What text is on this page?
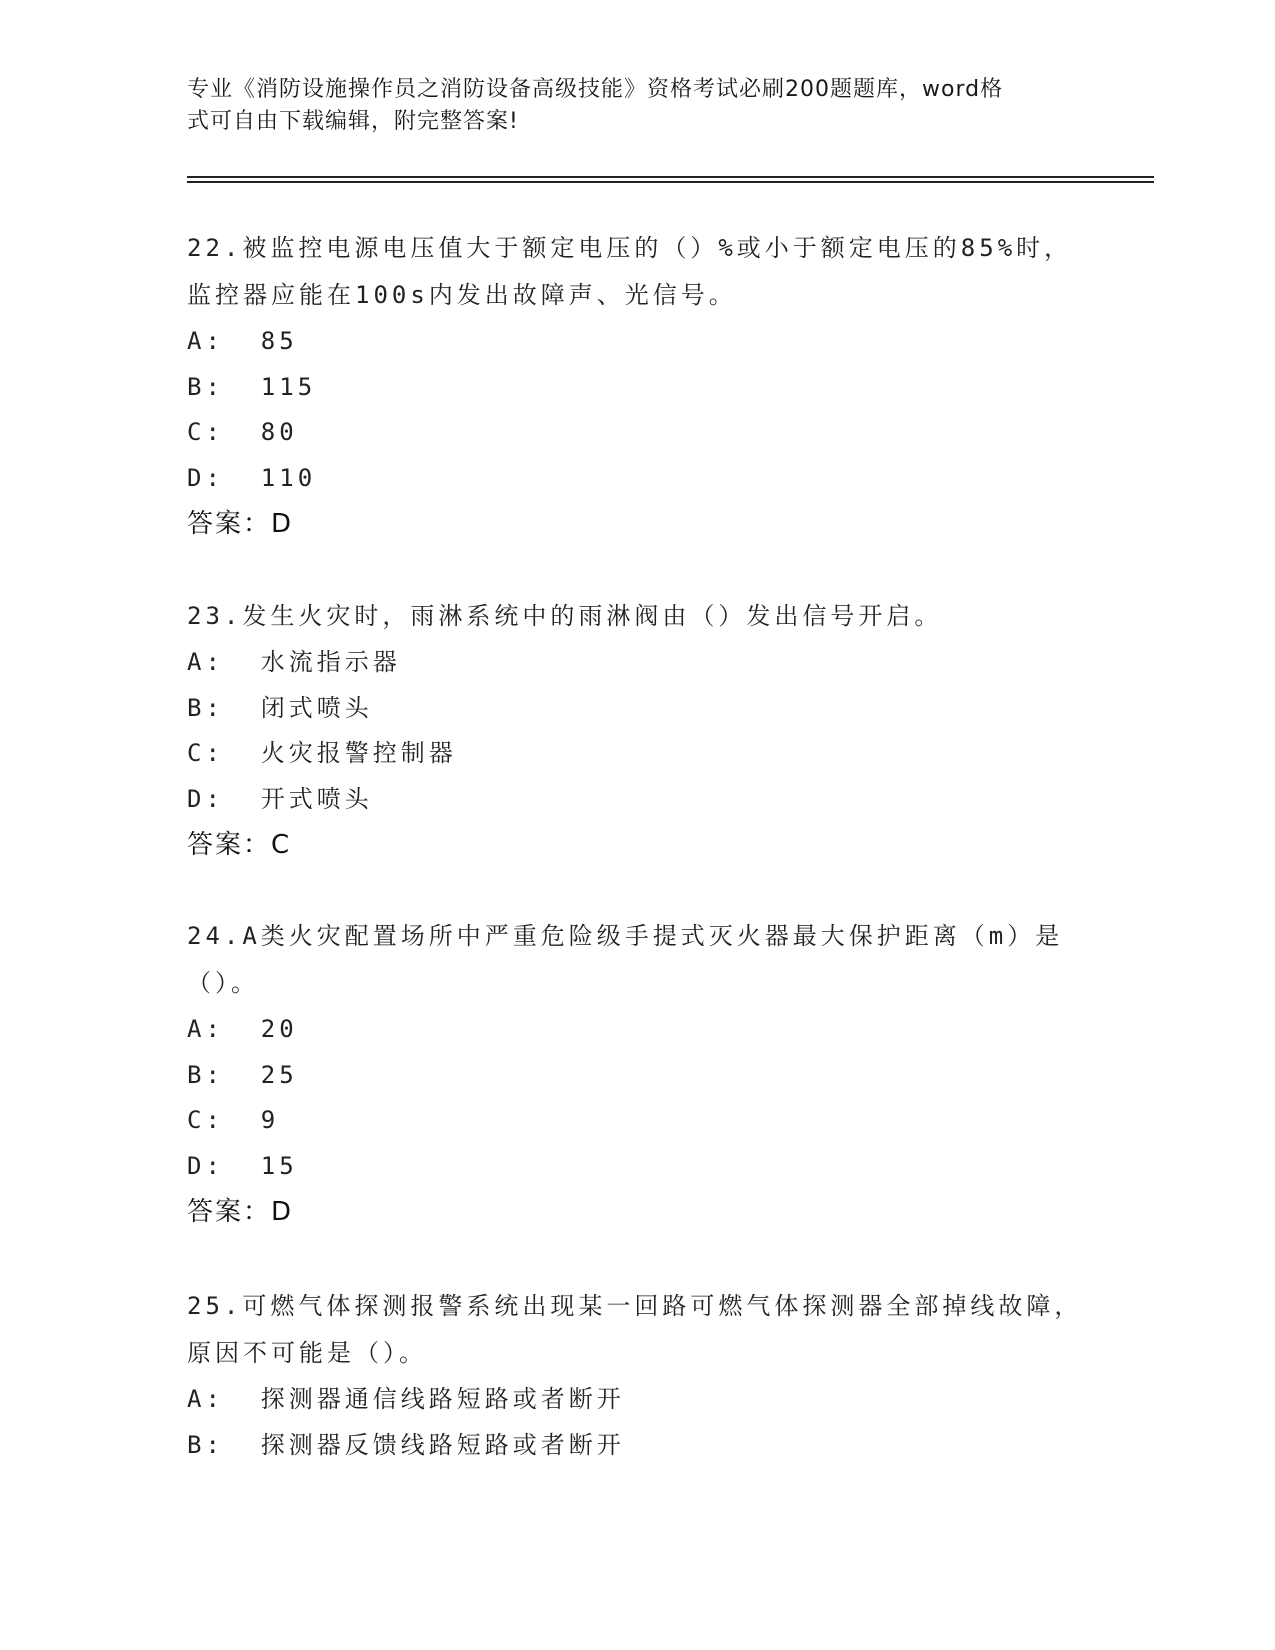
专业《消防设施操作员之消防设备高级技能》资格考试必刷200题题库，word格
式可自由下载编辑，附完整答案!

22.被监控电源电压值大于额定电压的（）%或小于额定电压的85%时，监控器应能在100s内发出故障声、光信号。

A:  85

B:  115

C:  80

D:  110

答案：D

23.发生火灾时，雨淋系统中的雨淋阀由（）发出信号开启。

A:  水流指示器

B:  闭式喷头

C:  火灾报警控制器

D:  开式喷头

答案：C

24.A类火灾配置场所中严重危险级手提式灭火器最大保护距离（m）是（）。

A:  20

B:  25

C:  9

D:  15

答案：D

25.可燃气体探测报警系统出现某一回路可燃气体探测器全部掉线故障，原因不可能是（）。

A:  探测器通信线路短路或者断开

B:  探测器反馈线路短路或者断开
